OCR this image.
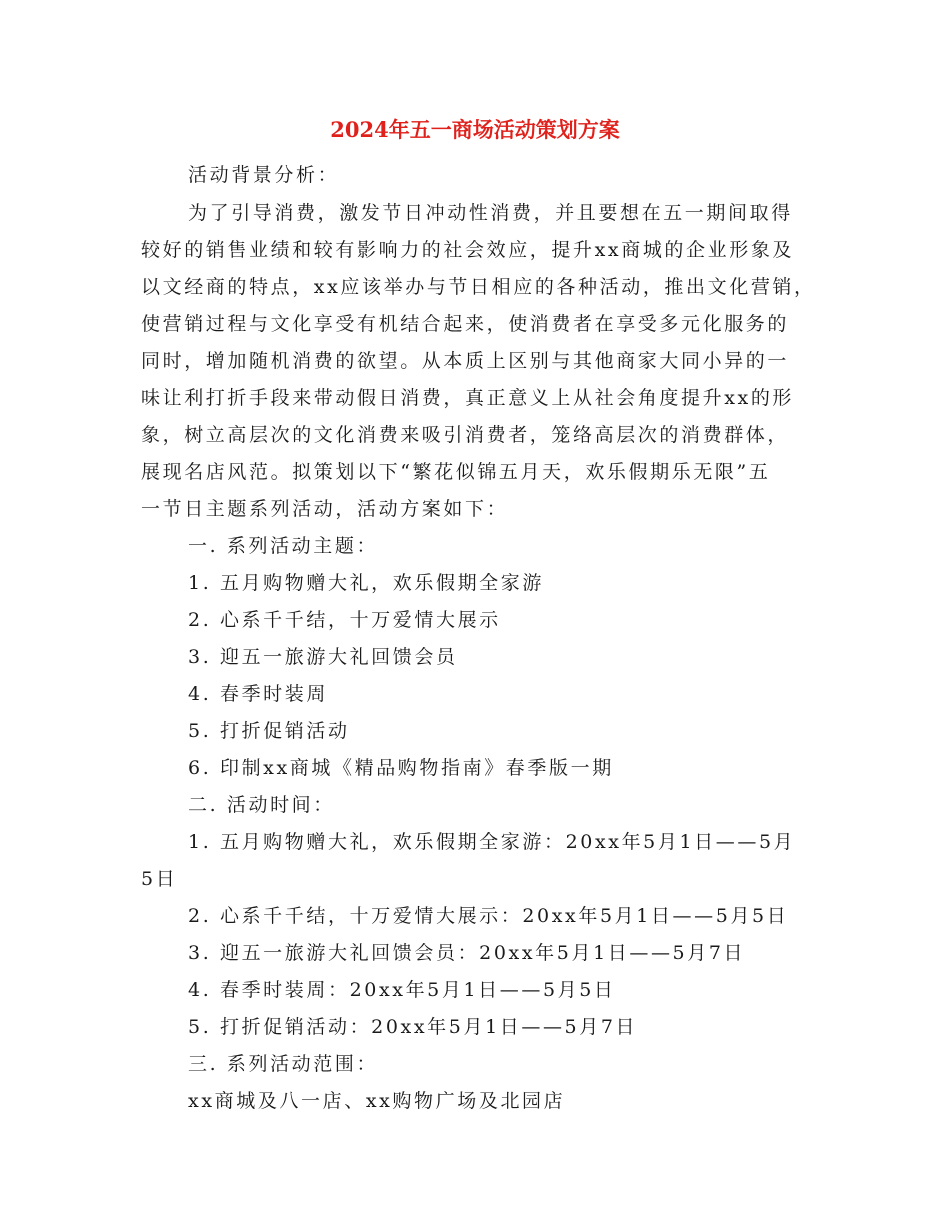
2024年五一商场活动策划方案
活动背景分析：
为了引导消费，激发节日冲动性消费，并且要想在五一期间取得
较好的销售业绩和较有影响力的社会效应，提升xx商城的企业形象及
以文经商的特点，xx应该举办与节日相应的各种活动，推出文化营销，
使营销过程与文化享受有机结合起来，使消费者在享受多元化服务的
同时，增加随机消费的欲望。从本质上区别与其他商家大同小异的一
味让利打折手段来带动假日消费，真正意义上从社会角度提升xx的形
象，树立高层次的文化消费来吸引消费者，笼络高层次的消费群体，
展现名店风范。拟策划以下“繁花似锦五月天，欢乐假期乐无限”五
一节日主题系列活动，活动方案如下：
一. 系列活动主题：
1. 五月购物赠大礼，欢乐假期全家游
2. 心系千千结，十万爱情大展示
3. 迎五一旅游大礼回馈会员
4. 春季时装周
5. 打折促销活动
6. 印制xx商城《精品购物指南》春季版一期
二. 活动时间：
1. 五月购物赠大礼，欢乐假期全家游：20xx年5月1日——5月
5日
2. 心系千千结，十万爱情大展示：20xx年5月1日——5月5日
3. 迎五一旅游大礼回馈会员：20xx年5月1日——5月7日
4. 春季时装周：20xx年5月1日——5月5日
5. 打折促销活动：20xx年5月1日——5月7日
三. 系列活动范围：
xx商城及八一店、xx购物广场及北园店
